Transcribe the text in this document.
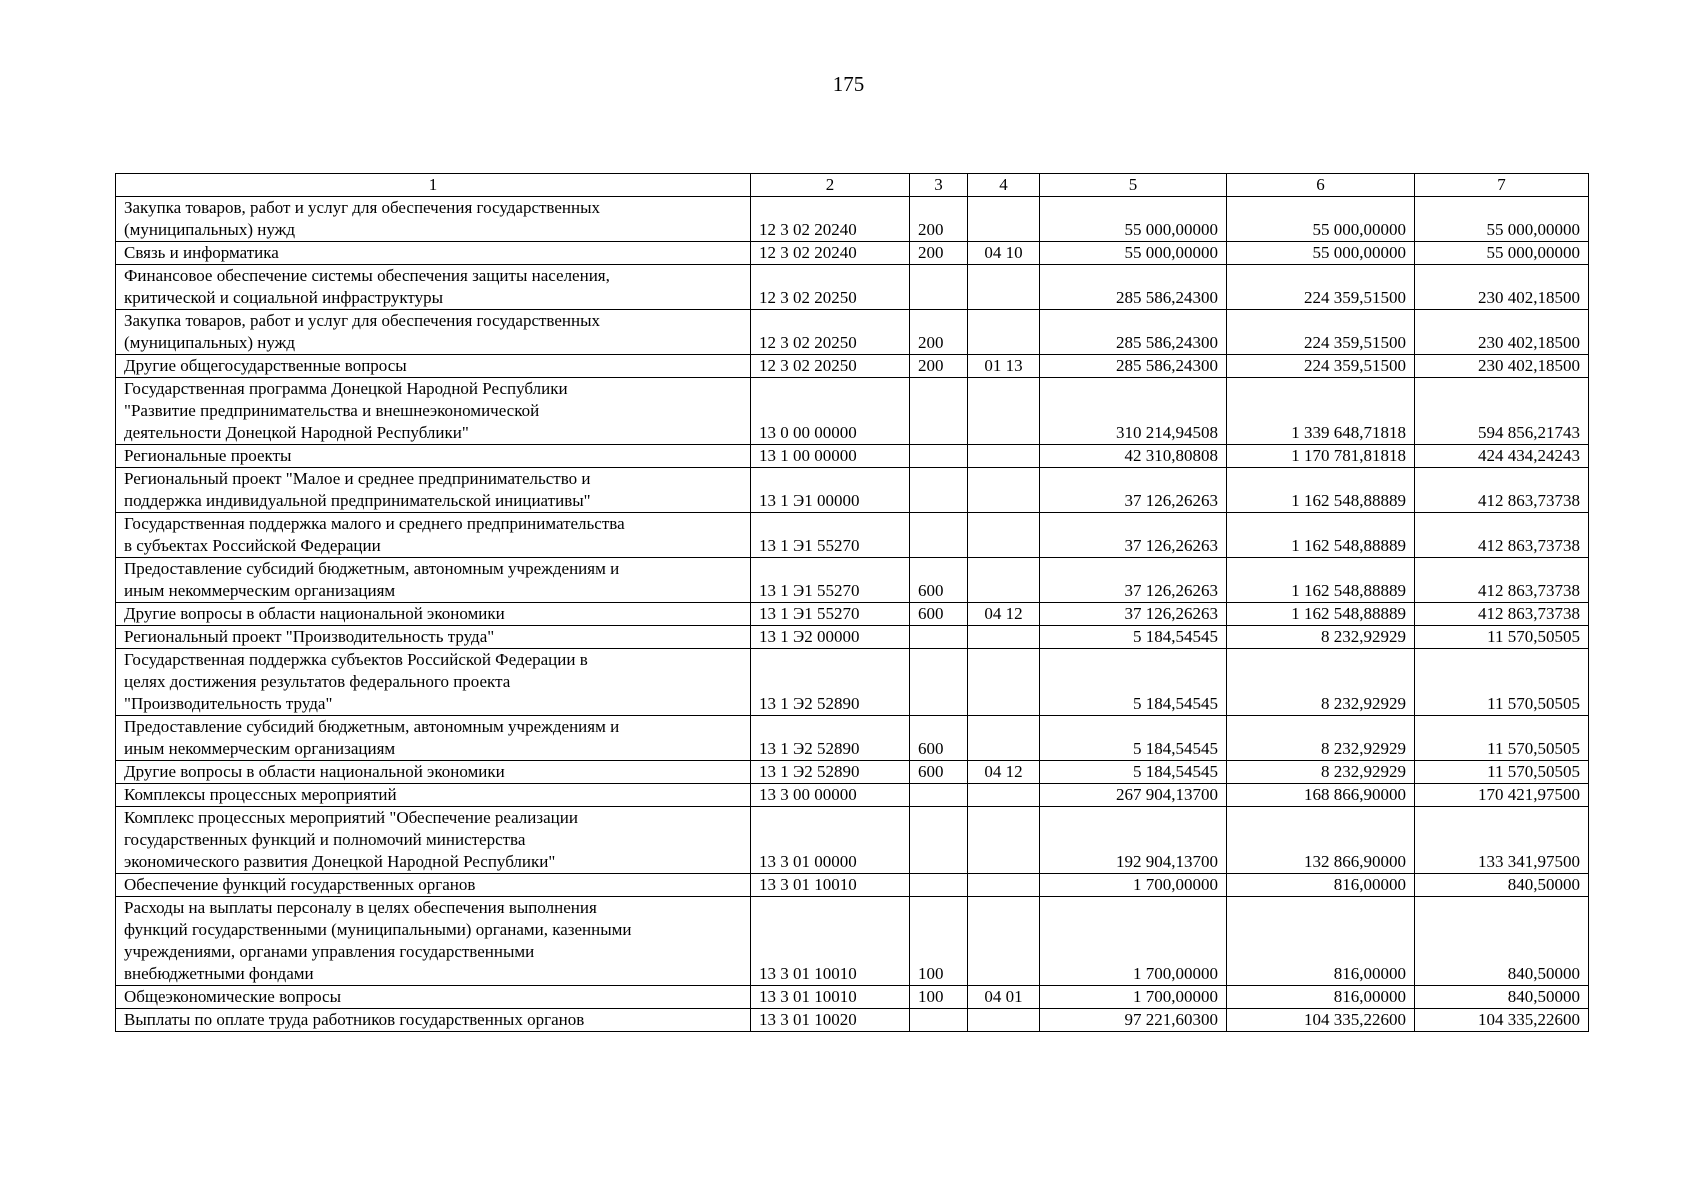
175
1	2	3	4	5	6	7
Закупка товаров, работ и услуг для обеспечения государственных
(муниципальных) нужд	12 3 02 20240	200		55 000,00000	55 000,00000	55 000,00000
Связь и информатика	12 3 02 20240	200	04 10	55 000,00000	55 000,00000	55 000,00000
Финансовое обеспечение системы обеспечения защиты населения,
критической и социальной инфраструктуры	12 3 02 20250			285 586,24300	224 359,51500	230 402,18500
Закупка товаров, работ и услуг для обеспечения государственных
(муниципальных) нужд	12 3 02 20250	200		285 586,24300	224 359,51500	230 402,18500
Другие общегосударственные вопросы	12 3 02 20250	200	01 13	285 586,24300	224 359,51500	230 402,18500
Государственная программа Донецкой Народной Республики
"Развитие предпринимательства и внешнеэкономической
деятельности Донецкой Народной Республики"	13 0 00 00000			310 214,94508	1 339 648,71818	594 856,21743
Региональные проекты	13 1 00 00000			42 310,80808	1 170 781,81818	424 434,24243
Региональный проект "Малое и среднее предпринимательство и
поддержка индивидуальной предпринимательской инициативы"	13 1 Э1 00000			37 126,26263	1 162 548,88889	412 863,73738
Государственная поддержка малого и среднего предпринимательства
в субъектах Российской Федерации	13 1 Э1 55270			37 126,26263	1 162 548,88889	412 863,73738
Предоставление субсидий бюджетным, автономным учреждениям и
иным некоммерческим организациям	13 1 Э1 55270	600		37 126,26263	1 162 548,88889	412 863,73738
Другие вопросы в области национальной экономики	13 1 Э1 55270	600	04 12	37 126,26263	1 162 548,88889	412 863,73738
Региональный проект "Производительность труда"	13 1 Э2 00000			5 184,54545	8 232,92929	11 570,50505
Государственная поддержка субъектов Российской Федерации в
целях достижения результатов федерального проекта
"Производительность труда"	13 1 Э2 52890			5 184,54545	8 232,92929	11 570,50505
Предоставление субсидий бюджетным, автономным учреждениям и
иным некоммерческим организациям	13 1 Э2 52890	600		5 184,54545	8 232,92929	11 570,50505
Другие вопросы в области национальной экономики	13 1 Э2 52890	600	04 12	5 184,54545	8 232,92929	11 570,50505
Комплексы процессных мероприятий	13 3 00 00000			267 904,13700	168 866,90000	170 421,97500
Комплекс процессных мероприятий "Обеспечение реализации
государственных функций и полномочий министерства
экономического развития Донецкой Народной Республики"	13 3 01 00000			192 904,13700	132 866,90000	133 341,97500
Обеспечение функций государственных органов	13 3 01 10010			1 700,00000	816,00000	840,50000
Расходы на выплаты персоналу в целях обеспечения выполнения
функций государственными (муниципальными) органами, казенными
учреждениями, органами управления государственными
внебюджетными фондами	13 3 01 10010	100		1 700,00000	816,00000	840,50000
Общеэкономические вопросы	13 3 01 10010	100	04 01	1 700,00000	816,00000	840,50000
Выплаты по оплате труда работников государственных органов	13 3 01 10020			97 221,60300	104 335,22600	104 335,22600
